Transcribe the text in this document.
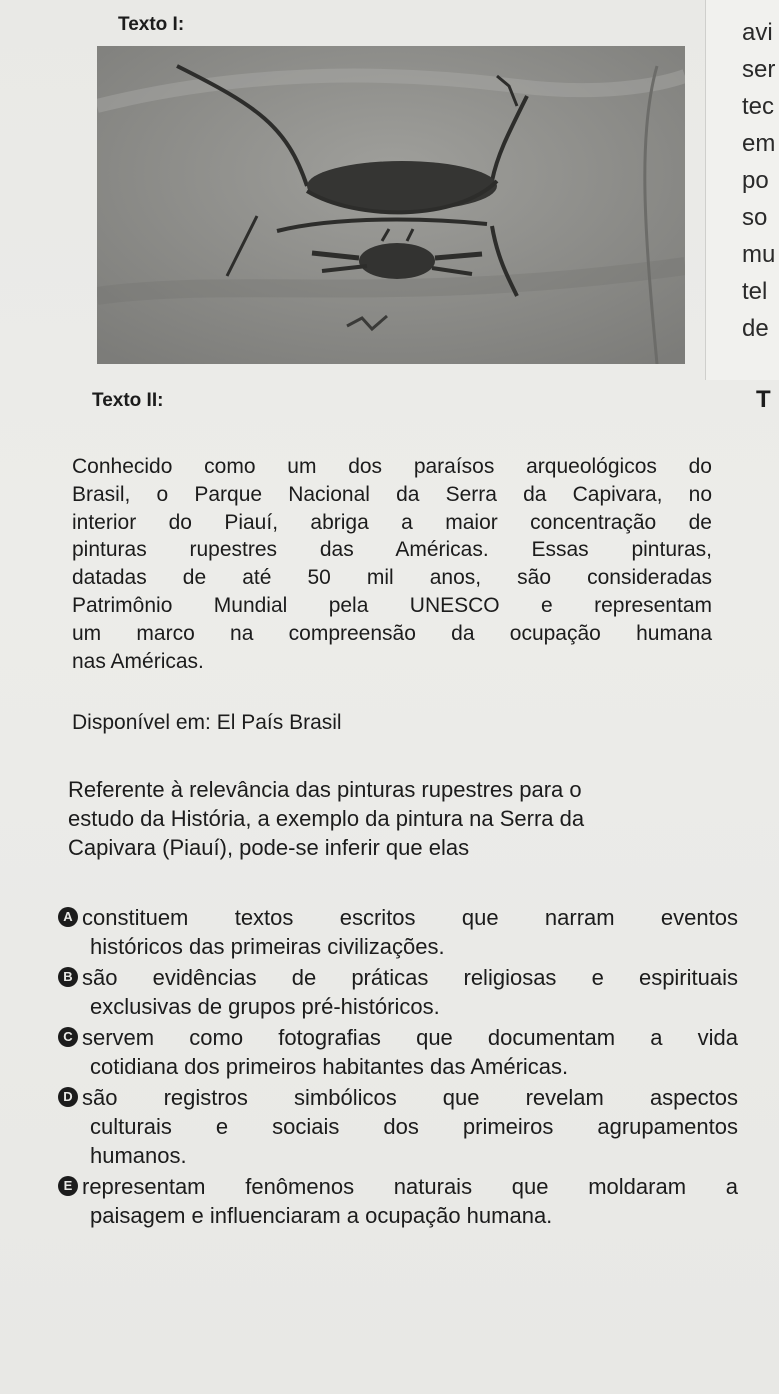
avi
ser
tec
em
po
so
mu
tel
de
T
Texto I:
Texto II:
Conhecido como um dos paraísos arqueológicos do
Brasil, o Parque Nacional da Serra da Capivara, no
interior do Piauí, abriga a maior concentração de
pinturas rupestres das Américas. Essas pinturas,
datadas de até 50 mil anos, são consideradas
Patrimônio Mundial pela UNESCO e representam
um marco na compreensão da ocupação humana
nas Américas.
Disponível em: El País Brasil
Referente à relevância das pinturas rupestres para o
estudo da História, a exemplo da pintura na Serra da
Capivara (Piauí), pode-se inferir que elas
A constituem textos escritos que narram eventos
históricos das primeiras civilizações.
B são evidências de práticas religiosas e espirituais
exclusivas de grupos pré-históricos.
C servem como fotografias que documentam a vida
cotidiana dos primeiros habitantes das Américas.
D são registros simbólicos que revelam aspectos
culturais e sociais dos primeiros agrupamentos
humanos.
E representam fenômenos naturais que moldaram a
paisagem e influenciaram a ocupação humana.
